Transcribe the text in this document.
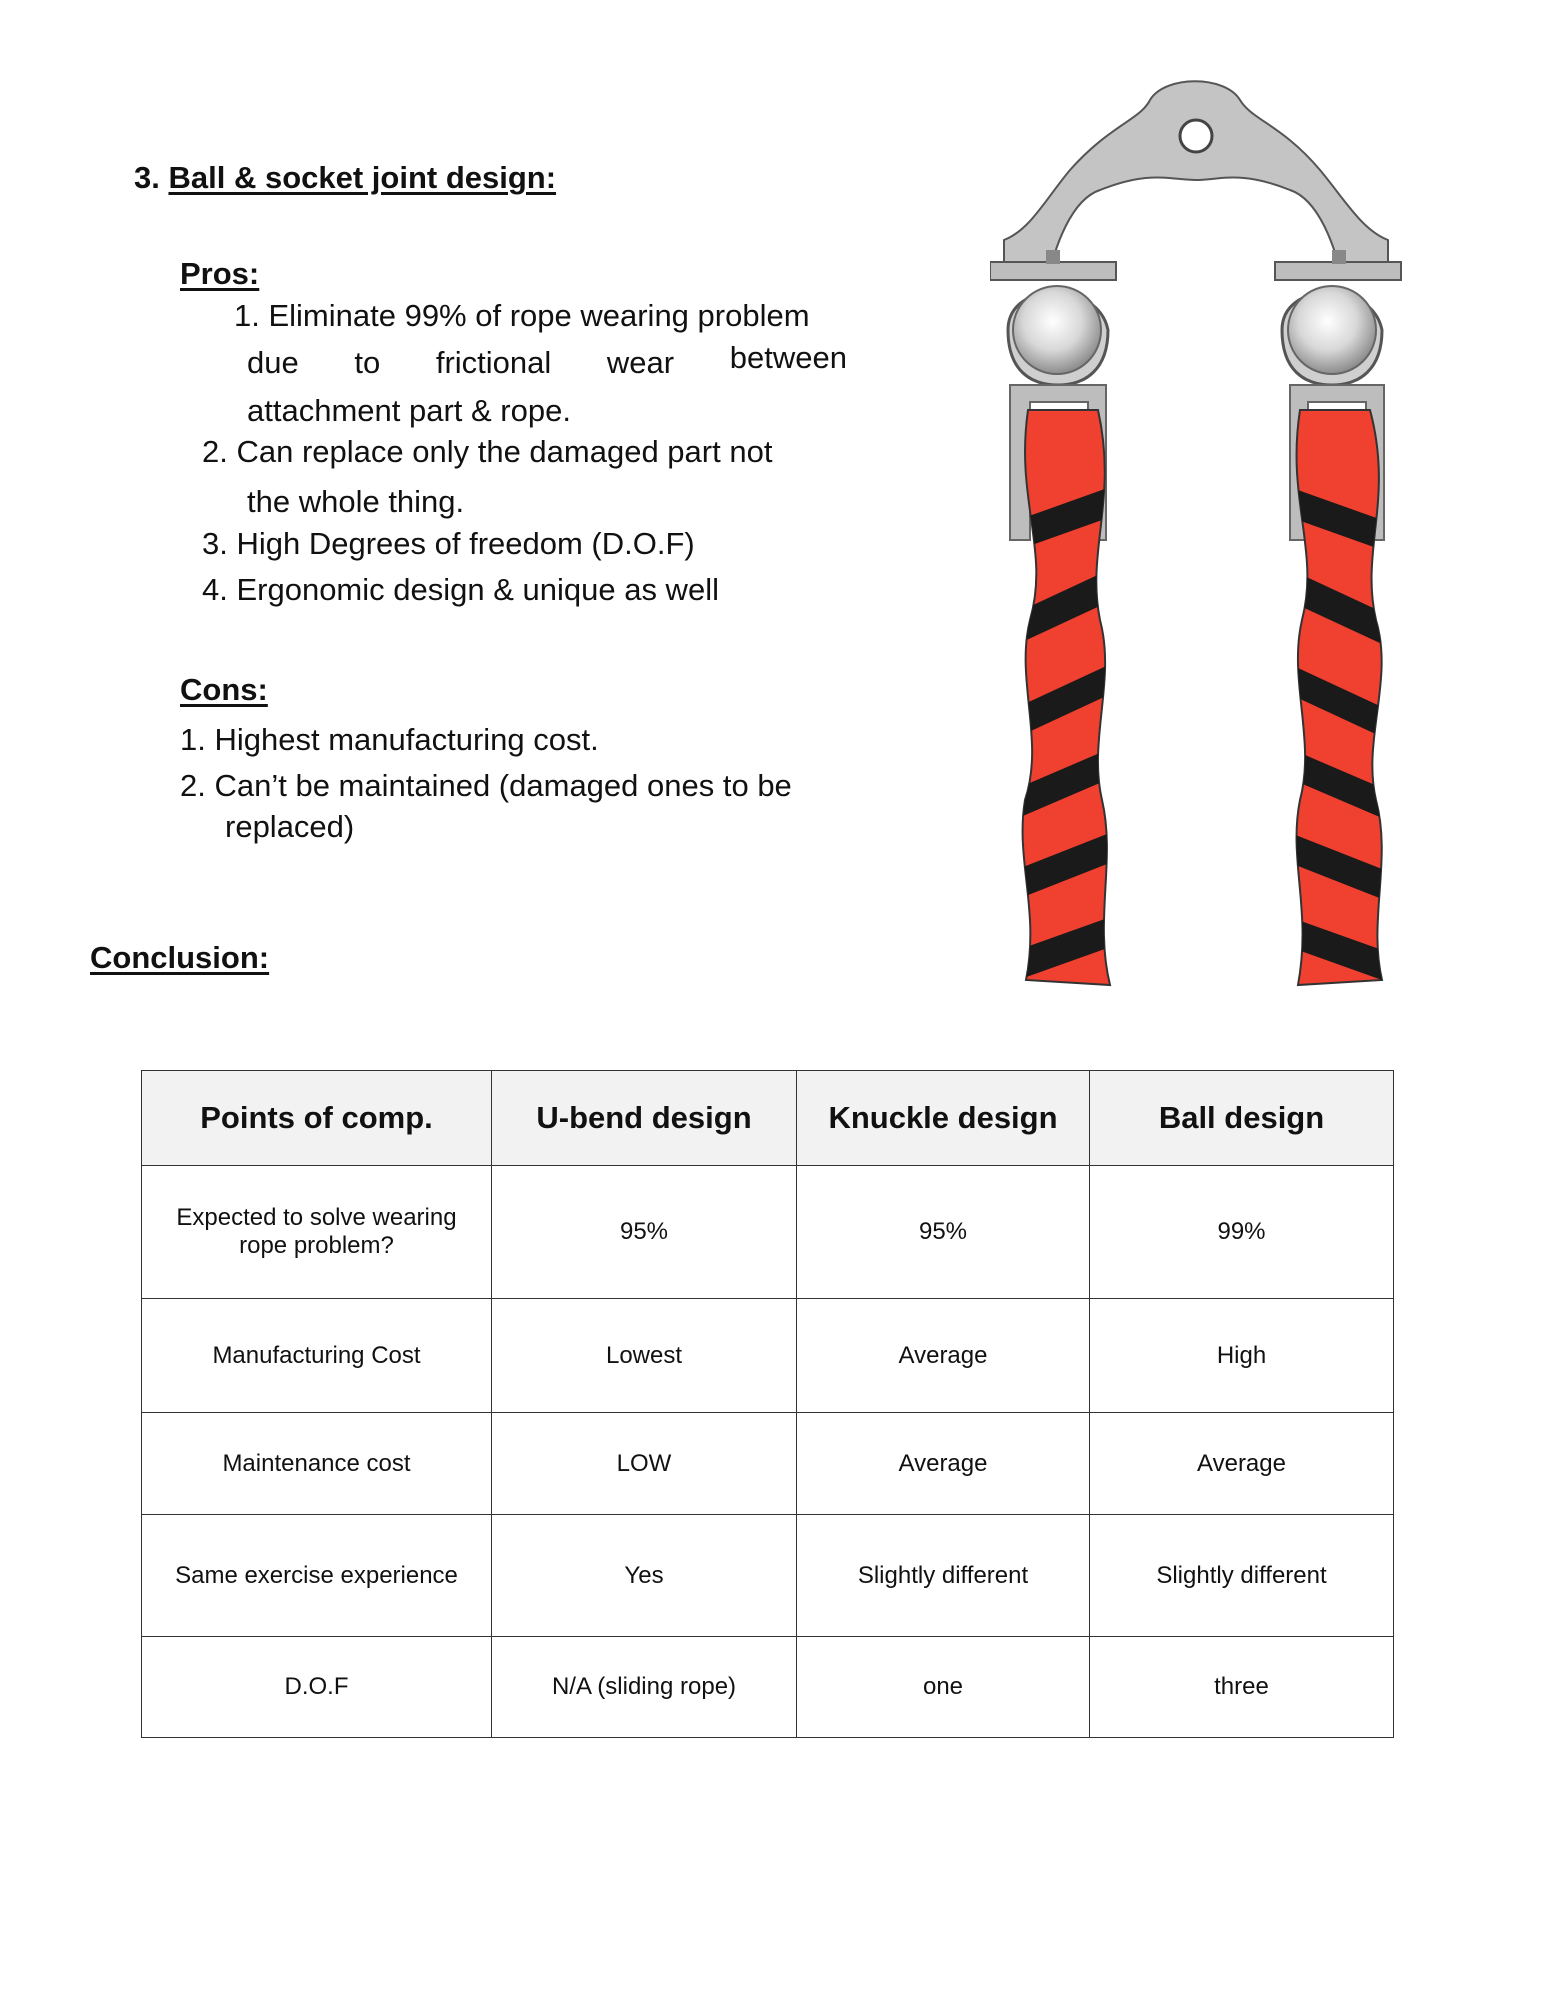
3. Ball & socket joint design:
Pros:
1. Eliminate 99% of rope wearing problem
due to frictional wear between
attachment part & rope.
2. Can replace only the damaged part not
the whole thing.
3. High Degrees of freedom (D.O.F)
4. Ergonomic design & unique as well
Cons:
1. Highest manufacturing cost.
2. Can’t be maintained (damaged ones to be
replaced)
Conclusion:
Points of comp.	U-bend design	Knuckle design	Ball design
Expected to solve wearing rope problem?	95%	95%	99%
Manufacturing Cost	Lowest	Average	High
Maintenance cost	LOW	Average	Average
Same exercise experience	Yes	Slightly different	Slightly different
D.O.F	N/A (sliding rope)	one	three
